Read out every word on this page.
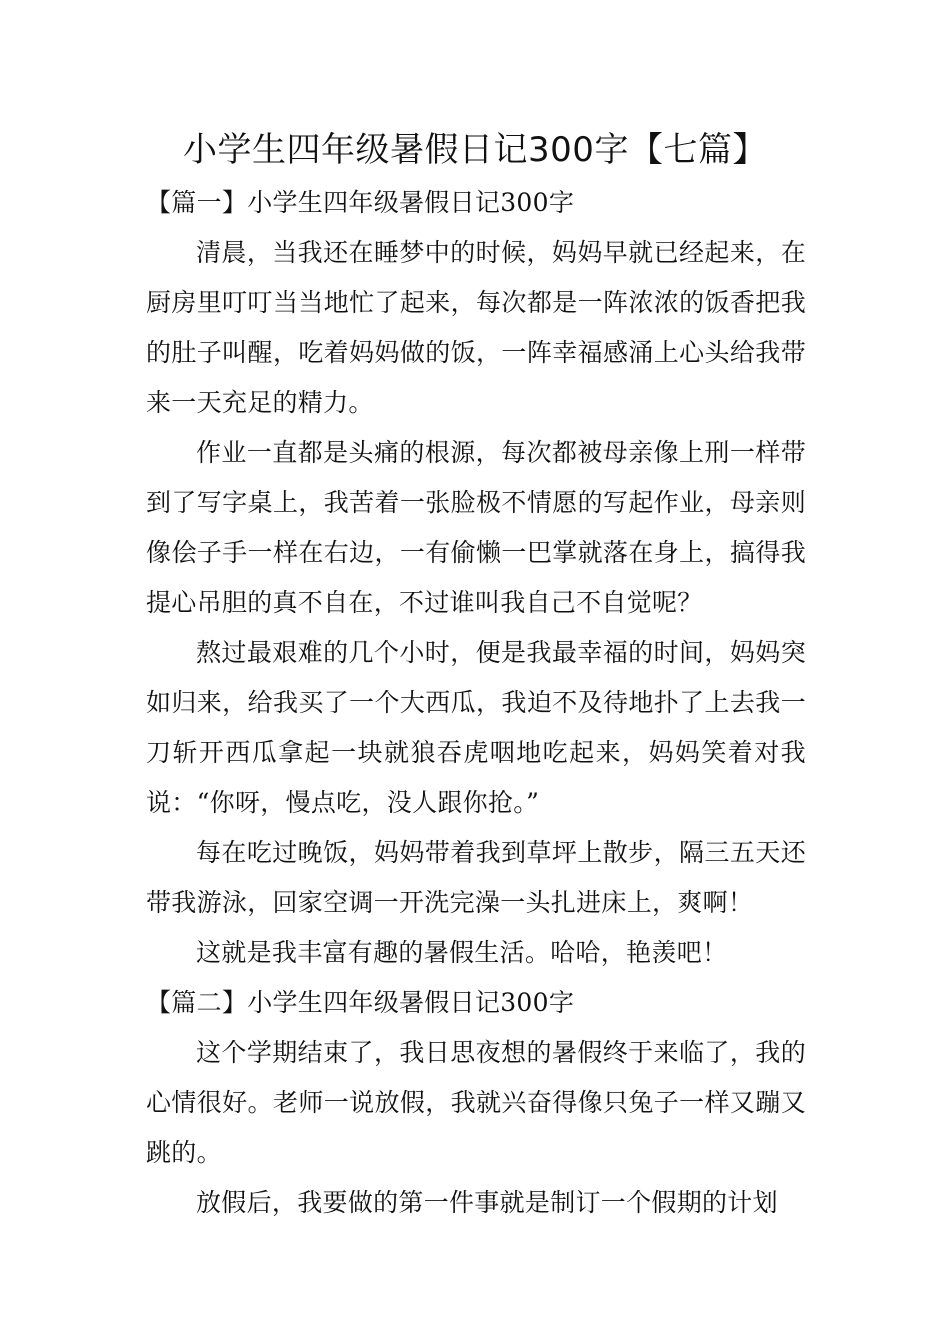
小学生四年级暑假日记300字【七篇】
【篇一】小学生四年级暑假日记300字

清晨，当我还在睡梦中的时候，妈妈早就已经起来，在厨房里叮叮当当地忙了起来，每次都是一阵浓浓的饭香把我的肚子叫醒，吃着妈妈做的饭，一阵幸福感涌上心头给我带来一天充足的精力。

作业一直都是头痛的根源，每次都被母亲像上刑一样带到了写字桌上，我苦着一张脸极不情愿的写起作业，母亲则像侩子手一样在右边，一有偷懒一巴掌就落在身上，搞得我提心吊胆的真不自在，不过谁叫我自己不自觉呢？

熬过最艰难的几个小时，便是我最幸福的时间，妈妈突如归来，给我买了一个大西瓜，我迫不及待地扑了上去我一刀斩开西瓜拿起一块就狼吞虎咽地吃起来，妈妈笑着对我说：“你呀，慢点吃，没人跟你抢。”

每在吃过晚饭，妈妈带着我到草坪上散步，隔三五天还带我游泳，回家空调一开洗完澡一头扎进床上，爽啊！

这就是我丰富有趣的暑假生活。哈哈，艳羡吧！

【篇二】小学生四年级暑假日记300字

这个学期结束了，我日思夜想的暑假终于来临了，我的心情很好。老师一说放假，我就兴奋得像只兔子一样又蹦又跳的。

放假后，我要做的第一件事就是制订一个假期的计划
